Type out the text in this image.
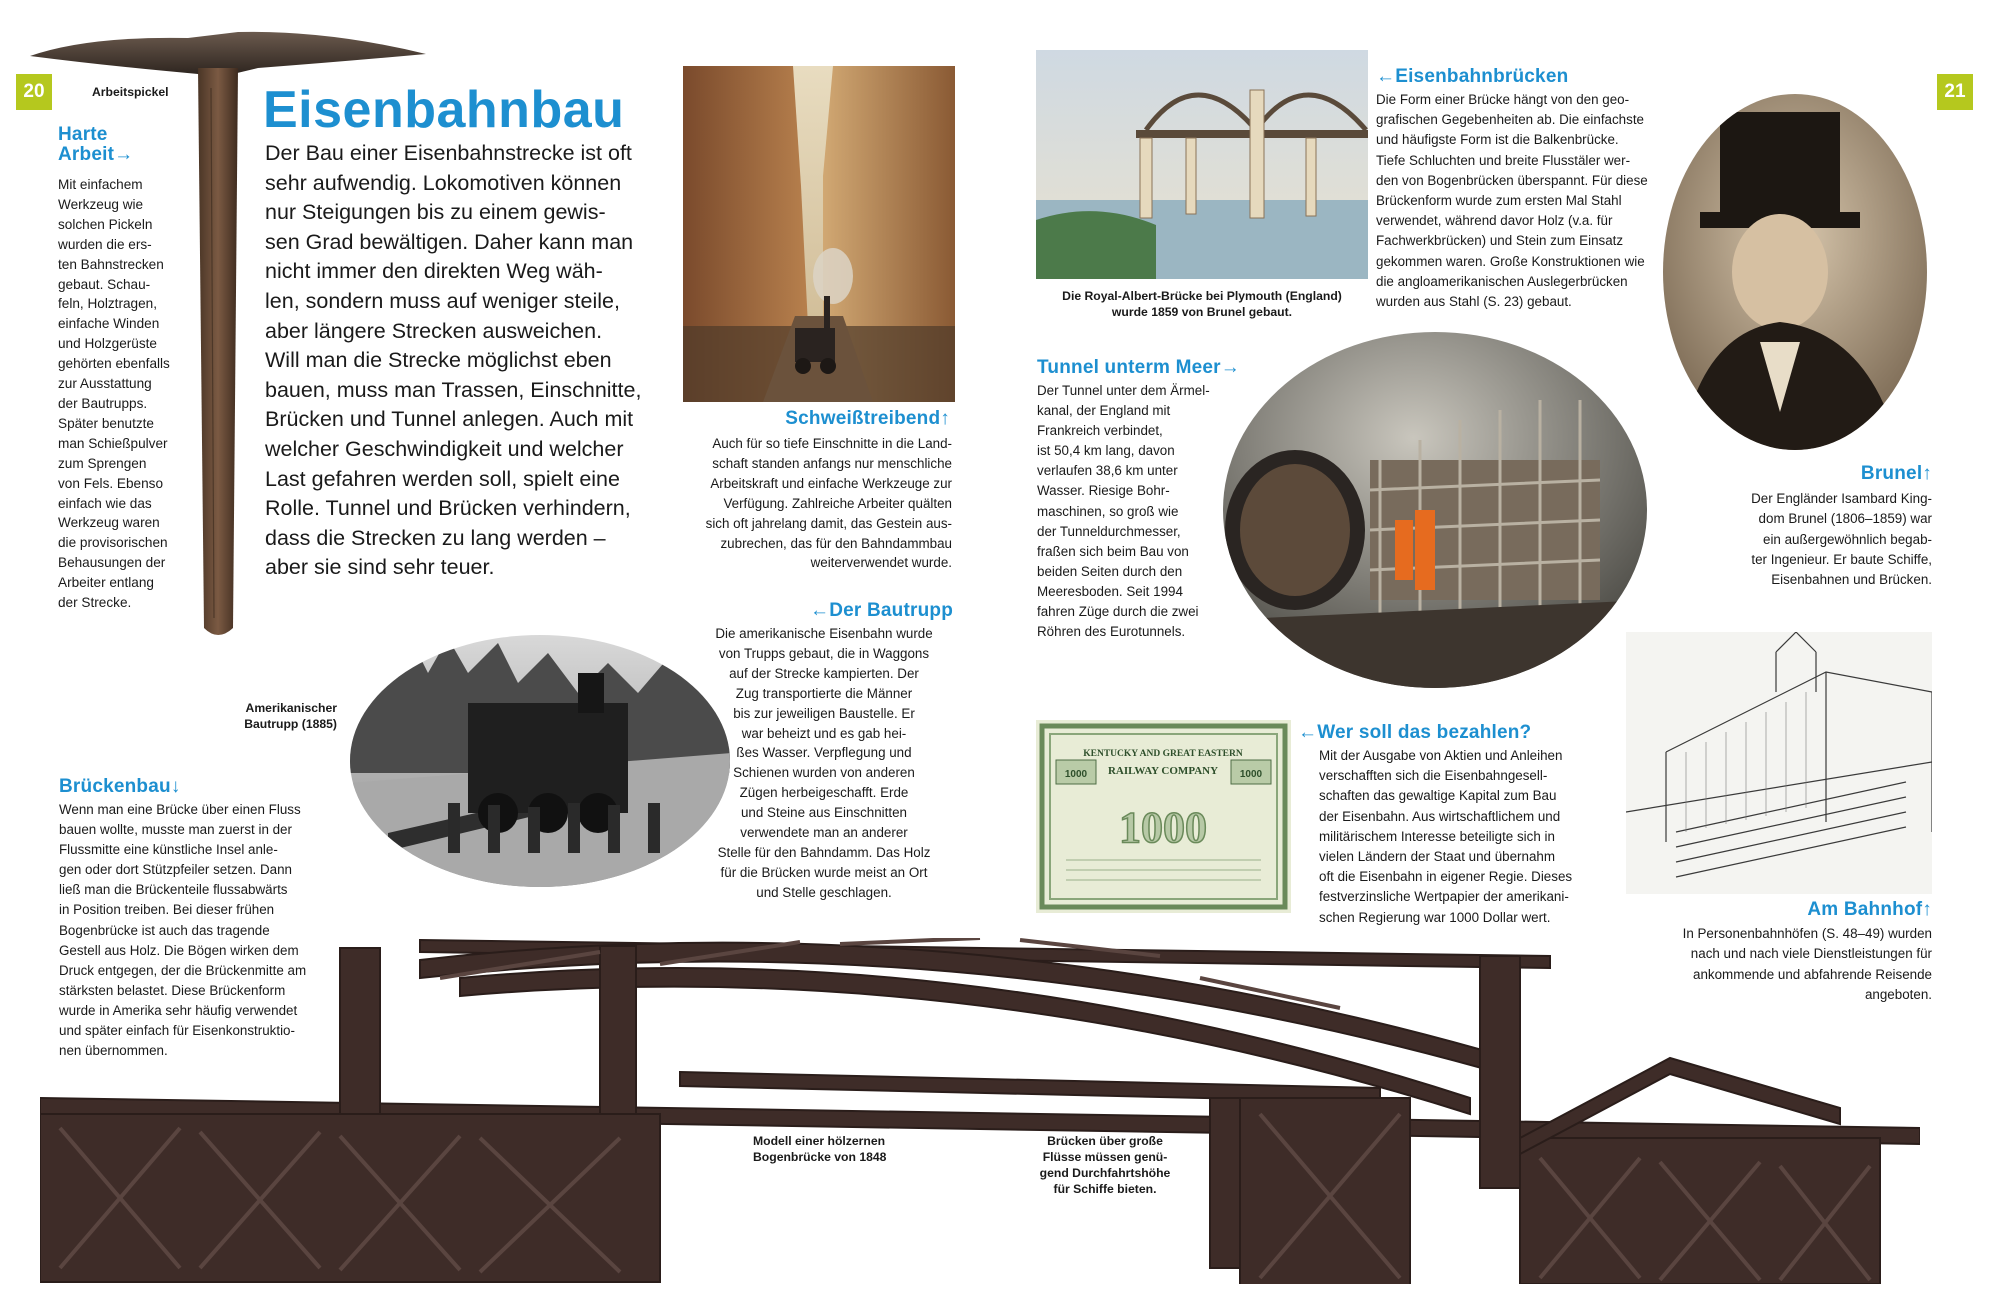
20	21
Arbeitspickel
Harte
Arbeit→
Mit einfachem
Werkzeug wie
solchen Pickeln
wurden die ers-
ten Bahnstrecken
gebaut. Schau-
feln, Holztragen,
einfache Winden
und Holzgerüste
gehörten ebenfalls
zur Ausstattung
der Bautrupps.
Später benutzte
man Schießpulver
zum Sprengen
von Fels. Ebenso
einfach wie das
Werkzeug waren
die provisorischen
Behausungen der
Arbeiter entlang
der Strecke.
Eisenbahnbau
Der Bau einer Eisenbahnstrecke ist oft
sehr aufwendig. Lokomotiven können
nur Steigungen bis zu einem gewis-
sen Grad bewältigen. Daher kann man
nicht immer den direkten Weg wäh-
len, sondern muss auf weniger steile,
aber längere Strecken ausweichen.
Will man die Strecke möglichst eben
bauen, muss man Trassen, Einschnitte,
Brücken und Tunnel anlegen. Auch mit
welcher Geschwindigkeit und welcher
Last gefahren werden soll, spielt eine
Rolle. Tunnel und Brücken verhindern,
dass die Strecken zu lang werden –
aber sie sind sehr teuer.
Schweißtreibend↑
Auch für so tiefe Einschnitte in die Land-
schaft standen anfangs nur menschliche
Arbeitskraft und einfache Werkzeuge zur
Verfügung. Zahlreiche Arbeiter quälten
sich oft jahrelang damit, das Gestein aus-
zubrechen, das für den Bahndammbau
weiterverwendet wurde.
←Der Bautrupp
Die amerikanische Eisenbahn wurde
von Trupps gebaut, die in Waggons
auf der Strecke kampierten. Der
Zug transportierte die Männer
bis zur jeweiligen Baustelle. Er
war beheizt und es gab hei-
ßes Wasser. Verpflegung und
Schienen wurden von anderen
Zügen herbeigeschafft. Erde
und Steine aus Einschnitten
verwendete man an anderer
Stelle für den Bahndamm. Das Holz
für die Brücken wurde meist an Ort
und Stelle geschlagen.
Amerikanischer
Bautrupp (1885)
Brückenbau↓
Wenn man eine Brücke über einen Fluss
bauen wollte, musste man zuerst in der
Flussmitte eine künstliche Insel anle-
gen oder dort Stützpfeiler setzen. Dann
ließ man die Brückenteile flussabwärts
in Position treiben. Bei dieser frühen
Bogenbrücke ist auch das tragende
Gestell aus Holz. Die Bögen wirken dem
Druck entgegen, der die Brückenmitte am
stärksten belastet. Diese Brückenform
wurde in Amerika sehr häufig verwendet
und später einfach für Eisenkonstruktio-
nen übernommen.
Modell einer hölzernen
Bogenbrücke von 1848
Brücken über große
Flüsse müssen genü-
gend Durchfahrtshöhe
für Schiffe bieten.
Die Royal-Albert-Brücke bei Plymouth (England)
wurde 1859 von Brunel gebaut.
←Eisenbahnbrücken
Die Form einer Brücke hängt von den geo-
grafischen Gegebenheiten ab. Die einfachste
und häufigste Form ist die Balkenbrücke.
Tiefe Schluchten und breite Flusstäler wer-
den von Bogenbrücken überspannt. Für diese
Brückenform wurde zum ersten Mal Stahl
verwendet, während davor Holz (v.a. für
Fachwerkbrücken) und Stein zum Einsatz
gekommen waren. Große Konstruktionen wie
die angloamerikanischen Auslegerbrücken
wurden aus Stahl (S. 23) gebaut.
Tunnel unterm Meer→
Der Tunnel unter dem Ärmel-
kanal, der England mit
Frankreich verbindet,
ist 50,4 km lang, davon
verlaufen 38,6 km unter
Wasser. Riesige Bohr-
maschinen, so groß wie
der Tunneldurchmesser,
fraßen sich beim Bau von
beiden Seiten durch den
Meeresboden. Seit 1994
fahren Züge durch die zwei
Röhren des Eurotunnels.
Brunel↑
Der Engländer Isambard King-
dom Brunel (1806–1859) war
ein außergewöhnlich begab-
ter Ingenieur. Er baute Schiffe,
Eisenbahnen und Brücken.
KENTUCKY AND GREAT EASTERN
RAILWAY COMPANY
1000	1000
1000
←Wer soll das bezahlen?
Mit der Ausgabe von Aktien und Anleihen
verschafften sich die Eisenbahngesell-
schaften das gewaltige Kapital zum Bau
der Eisenbahn. Aus wirtschaftlichem und
militärischem Interesse beteiligte sich in
vielen Ländern der Staat und übernahm
oft die Eisenbahn in eigener Regie. Dieses
festverzinsliche Wertpapier der amerikani-
schen Regierung war 1000 Dollar wert.	Am Bahnhof↑
In Personenbahnhöfen (S. 48–49) wurden
nach und nach viele Dienstleistungen für
ankommende und abfahrende Reisende
angeboten.
